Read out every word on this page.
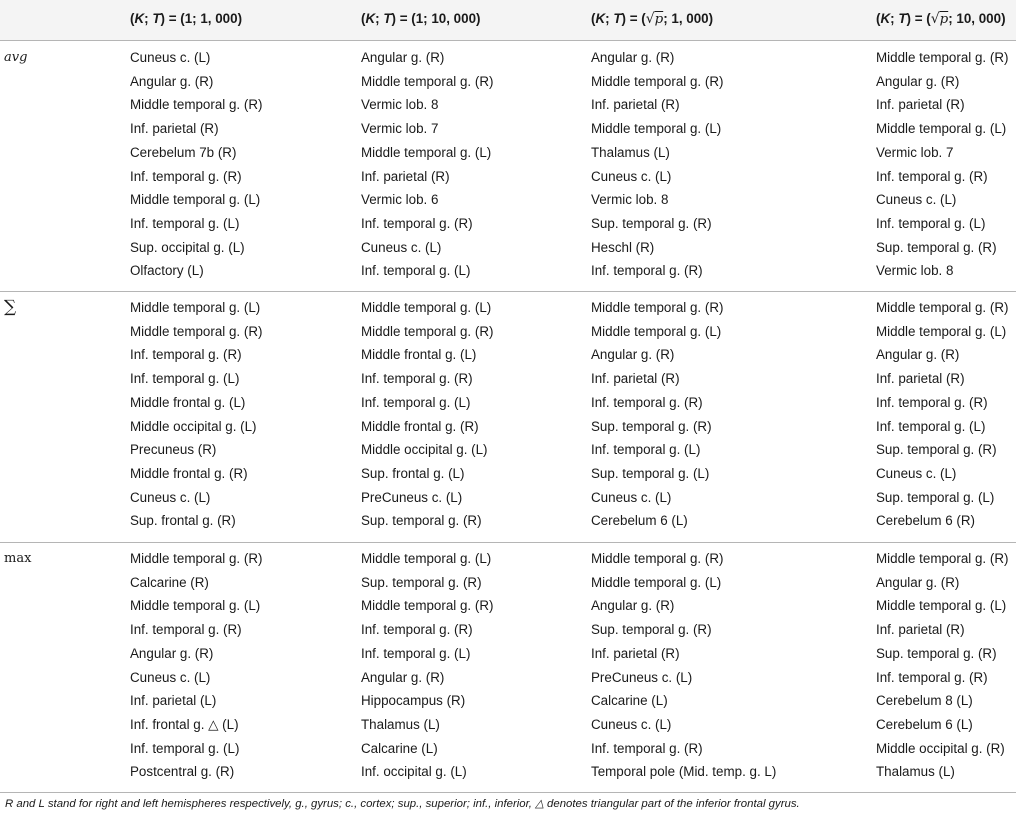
(K; T) = (1; 1, 000)	(K; T) = (1; 10, 000)	(K; T) = (√p; 1, 000)	(K; T) = (√p; 10, 000)
avg	Cuneus c. (L)	Angular g. (R)	Angular g. (R)	Middle temporal g. (R)
Angular g. (R)	Middle temporal g. (R)	Middle temporal g. (R)	Angular g. (R)
Middle temporal g. (R)	Vermic lob. 8	Inf. parietal (R)	Inf. parietal (R)
Inf. parietal (R)	Vermic lob. 7	Middle temporal g. (L)	Middle temporal g. (L)
Cerebelum 7b (R)	Middle temporal g. (L)	Thalamus (L)	Vermic lob. 7
Inf. temporal g. (R)	Inf. parietal (R)	Cuneus c. (L)	Inf. temporal g. (R)
Middle temporal g. (L)	Vermic lob. 6	Vermic lob. 8	Cuneus c. (L)
Inf. temporal g. (L)	Inf. temporal g. (R)	Sup. temporal g. (R)	Inf. temporal g. (L)
Sup. occipital g. (L)	Cuneus c. (L)	Heschl (R)	Sup. temporal g. (R)
Olfactory (L)	Inf. temporal g. (L)	Inf. temporal g. (R)	Vermic lob. 8
∑	Middle temporal g. (L)	Middle temporal g. (L)	Middle temporal g. (R)	Middle temporal g. (R)
Middle temporal g. (R)	Middle temporal g. (R)	Middle temporal g. (L)	Middle temporal g. (L)
Inf. temporal g. (R)	Middle frontal g. (L)	Angular g. (R)	Angular g. (R)
Inf. temporal g. (L)	Inf. temporal g. (R)	Inf. parietal (R)	Inf. parietal (R)
Middle frontal g. (L)	Inf. temporal g. (L)	Inf. temporal g. (R)	Inf. temporal g. (R)
Middle occipital g. (L)	Middle frontal g. (R)	Sup. temporal g. (R)	Inf. temporal g. (L)
Precuneus (R)	Middle occipital g. (L)	Inf. temporal g. (L)	Sup. temporal g. (R)
Middle frontal g. (R)	Sup. frontal g. (L)	Sup. temporal g. (L)	Cuneus c. (L)
Cuneus c. (L)	PreCuneus c. (L)	Cuneus c. (L)	Sup. temporal g. (L)
Sup. frontal g. (R)	Sup. temporal g. (R)	Cerebelum 6 (L)	Cerebelum 6 (R)
max	Middle temporal g. (R)	Middle temporal g. (L)	Middle temporal g. (R)	Middle temporal g. (R)
Calcarine (R)	Sup. temporal g. (R)	Middle temporal g. (L)	Angular g. (R)
Middle temporal g. (L)	Middle temporal g. (R)	Angular g. (R)	Middle temporal g. (L)
Inf. temporal g. (R)	Inf. temporal g. (R)	Sup. temporal g. (R)	Inf. parietal (R)
Angular g. (R)	Inf. temporal g. (L)	Inf. parietal (R)	Sup. temporal g. (R)
Cuneus c. (L)	Angular g. (R)	PreCuneus c. (L)	Inf. temporal g. (R)
Inf. parietal (L)	Hippocampus (R)	Calcarine (L)	Cerebelum 8 (L)
Inf. frontal g. △ (L)	Thalamus (L)	Cuneus c. (L)	Cerebelum 6 (L)
Inf. temporal g. (L)	Calcarine (L)	Inf. temporal g. (R)	Middle occipital g. (R)
Postcentral g. (R)	Inf. occipital g. (L)	Temporal pole (Mid. temp. g. L)	Thalamus (L)
R and L stand for right and left hemispheres respectively, g., gyrus; c., cortex; sup., superior; inf., inferior, △ denotes triangular part of the inferior frontal gyrus.
